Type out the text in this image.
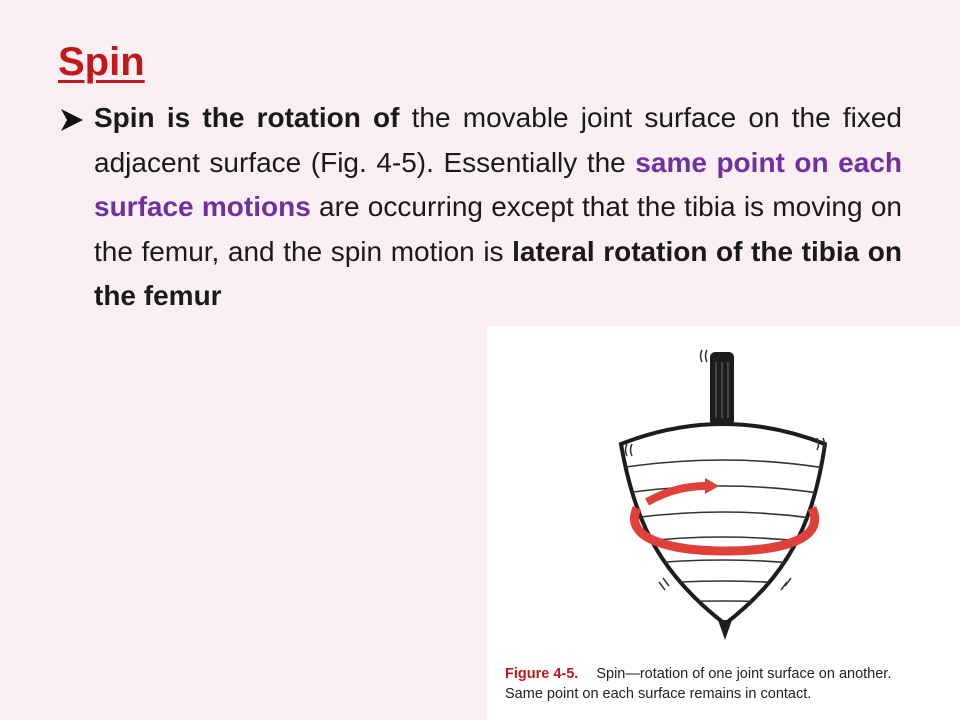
Spin

Spin is the rotation of the movable joint surface on the fixed adjacent surface (Fig. 4-5). Essentially the same point on each surface motions are occurring except that the tibia is moving on the femur, and the spin motion is lateral rotation of the tibia on the femur

Figure 4-5. Spin—rotation of one joint surface on another.
Same point on each surface remains in contact.
